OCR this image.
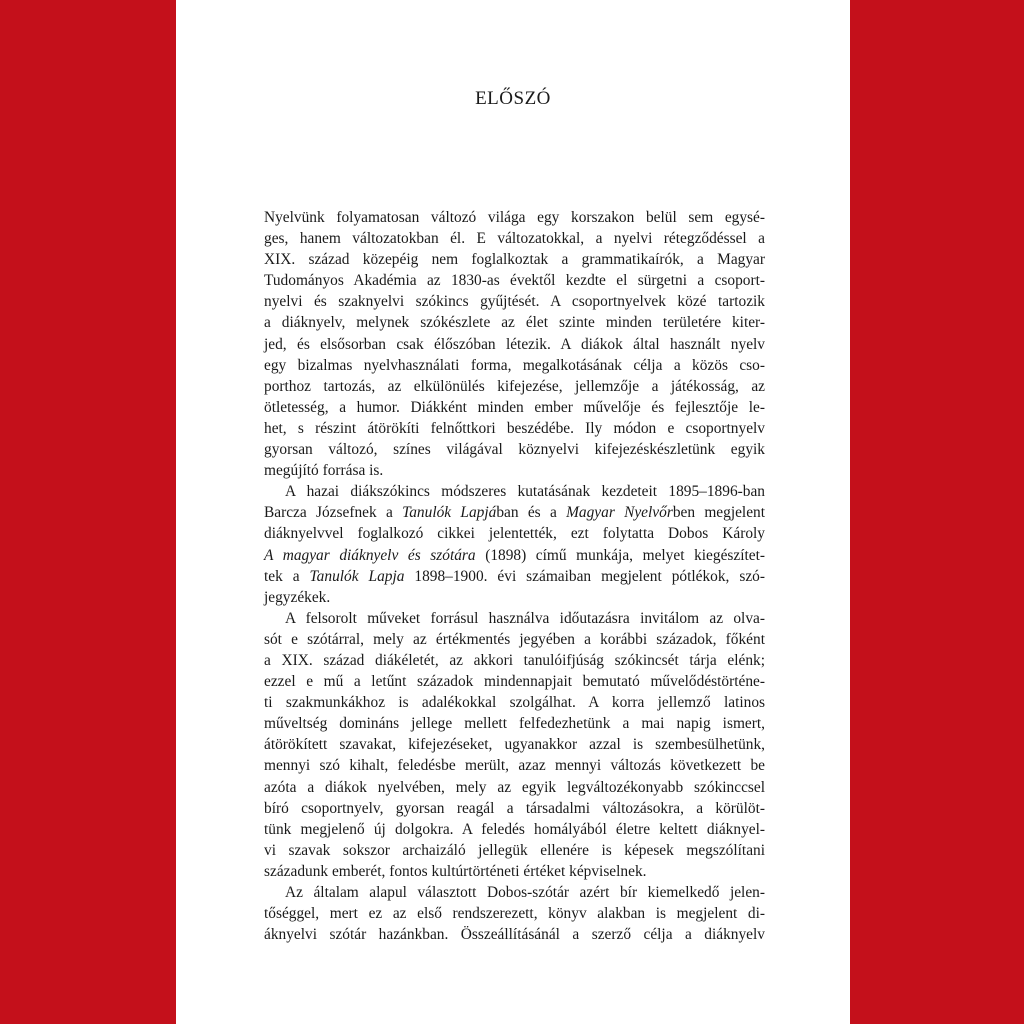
ELŐSZÓ

Nyelvünk folyamatosan változó világa egy korszakon belül sem egysé-
ges, hanem változatokban él. E változatokkal, a nyelvi rétegződéssel a
XIX. század közepéig nem foglalkoztak a grammatikaírók, a Magyar
Tudományos Akadémia az 1830-as évektől kezdte el sürgetni a csoport-
nyelvi és szaknyelvi szókincs gyűjtését. A csoportnyelvek közé tartozik
a diáknyelv, melynek szókészlete az élet szinte minden területére kiter-
jed, és elsősorban csak élőszóban létezik. A diákok által használt nyelv
egy bizalmas nyelvhasználati forma, megalkotásának célja a közös cso-
porthoz tartozás, az elkülönülés kifejezése, jellemzője a játékosság, az
ötletesség, a humor. Diákként minden ember művelője és fejlesztője le-
het, s részint átörökíti felnőttkori beszédébe. Ily módon e csoportnyelv
gyorsan változó, színes világával köznyelvi kifejezéskészletünk egyik
megújító forrása is.

A hazai diákszókincs módszeres kutatásának kezdeteit 1895–1896-ban
Barcza Józsefnek a Tanulók Lapjában és a Magyar Nyelvőrben megjelent
diáknyelvvel foglalkozó cikkei jelentették, ezt folytatta Dobos Károly
A magyar diáknyelv és szótára (1898) című munkája, melyet kiegészítet-
tek a Tanulók Lapja 1898–1900. évi számaiban megjelent pótlékok, szó-
jegyzékek.

A felsorolt műveket forrásul használva időutazásra invitálom az olva-
sót e szótárral, mely az értékmentés jegyében a korábbi századok, főként
a XIX. század diákéletét, az akkori tanulóifjúság szókincsét tárja elénk;
ezzel e mű a letűnt századok mindennapjait bemutató művelődéstörténe-
ti szakmunkákhoz is adalékokkal szolgálhat. A korra jellemző latinos
műveltség domináns jellege mellett felfedezhetünk a mai napig ismert,
átörökített szavakat, kifejezéseket, ugyanakkor azzal is szembesülhetünk,
mennyi szó kihalt, feledésbe merült, azaz mennyi változás következett be
azóta a diákok nyelvében, mely az egyik legváltozékonyabb szókinccsel
bíró csoportnyelv, gyorsan reagál a társadalmi változásokra, a körülöt-
tünk megjelenő új dolgokra. A feledés homályából életre keltett diáknyel-
vi szavak sokszor archaizáló jellegük ellenére is képesek megszólítani
századunk emberét, fontos kultúrtörténeti értéket képviselnek.

Az általam alapul választott Dobos-szótár azért bír kiemelkedő jelen-
tőséggel, mert ez az első rendszerezett, könyv alakban is megjelent di-
áknyelvi szótár hazánkban. Összeállításánál a szerző célja a diáknyelv
